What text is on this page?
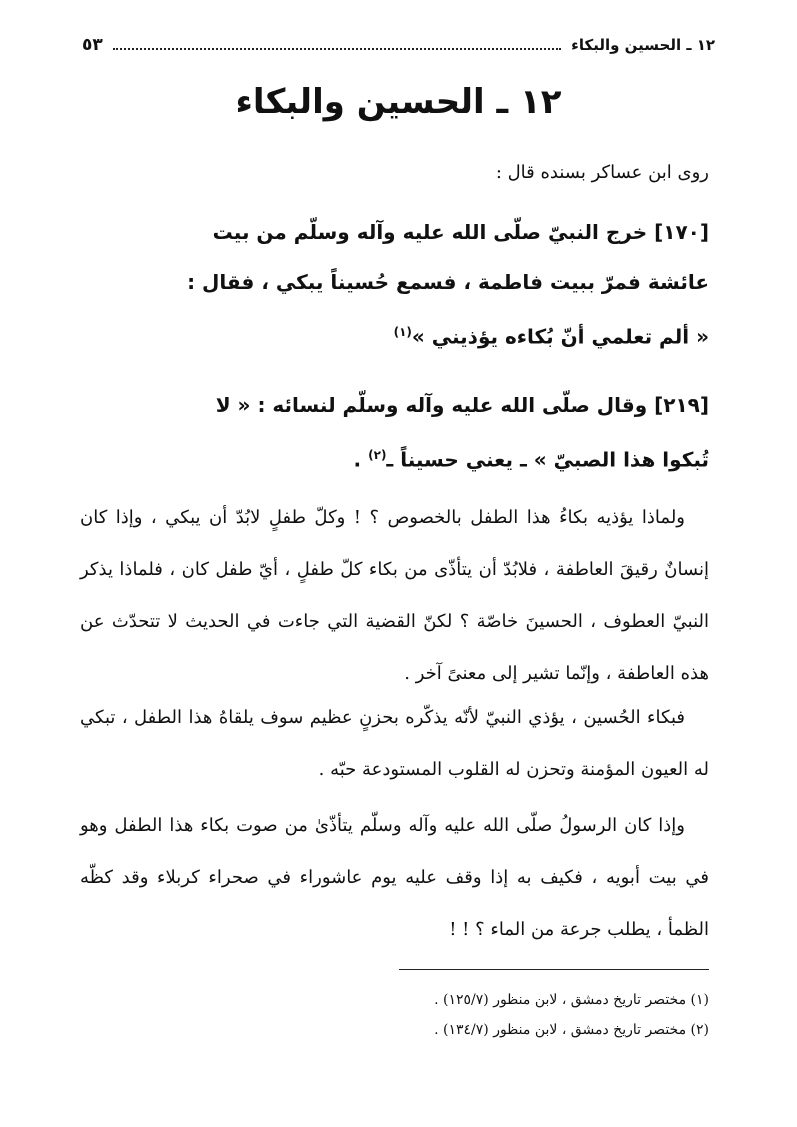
١٢ ـ الحسين والبكاء
٥٣
١٢ ـ الحسين والبكاء
روى ابن عساكر بسنده قال :
[١٧٠] خرج النبيّ صلّى الله عليه وآله وسلّم من بيت
عائشة فمرّ ببيت فاطمة ، فسمع حُسيناً يبكي ، فقال :
« ألم تعلمي أنّ بُكاءه يؤذيني »$^{(١)}$
[٢١٩] وقال صلّى الله عليه وآله وسلّم لنسائه : « لا
تُبكوا هذا الصبيّ » ـ يعني حسيناً ـ$^{(٢)}$ .

ولماذا يؤذيه بكاءُ هذا الطفل بالخصوص ؟ ! وكلّ طفلٍ لابُدّ أن يبكي ، وإذا كان إنسانٌ رقيقَ العاطفة ، فلابُدّ أن يتأذّى من بكاء كلّ طفلٍ ، أيّ طفل كان ، فلماذا يذكر النبيّ العطوف ، الحسينَ خاصّة ؟ لكنّ القضية التي جاءت في الحديث لا تتحدّث عن هذه العاطفة ، وإنّما تشير إلى معنىً آخر .

فبكاء الحُسين ، يؤذي النبيّ لأنّه يذكّره بحزنٍ عظيم سوف يلقاهُ هذا الطفل ، تبكي له العيون المؤمنة وتحزن له القلوب المستودعة حبّه .

وإذا كان الرسولُ صلّى الله عليه وآله وسلّم يتأذّىٰ من صوت بكاء هذا الطفل وهو في بيت أبويه ، فكيف به إذا وقف عليه يوم عاشوراء في صحراء كربلاء وقد كظّه الظمأ ، يطلب جرعة من الماء ؟ ! !

(١) مختصر تاريخ دمشق ، لابن منظور (١٢٥/٧) .
(٢) مختصر تاريخ دمشق ، لابن منظور (١٣٤/٧) .
